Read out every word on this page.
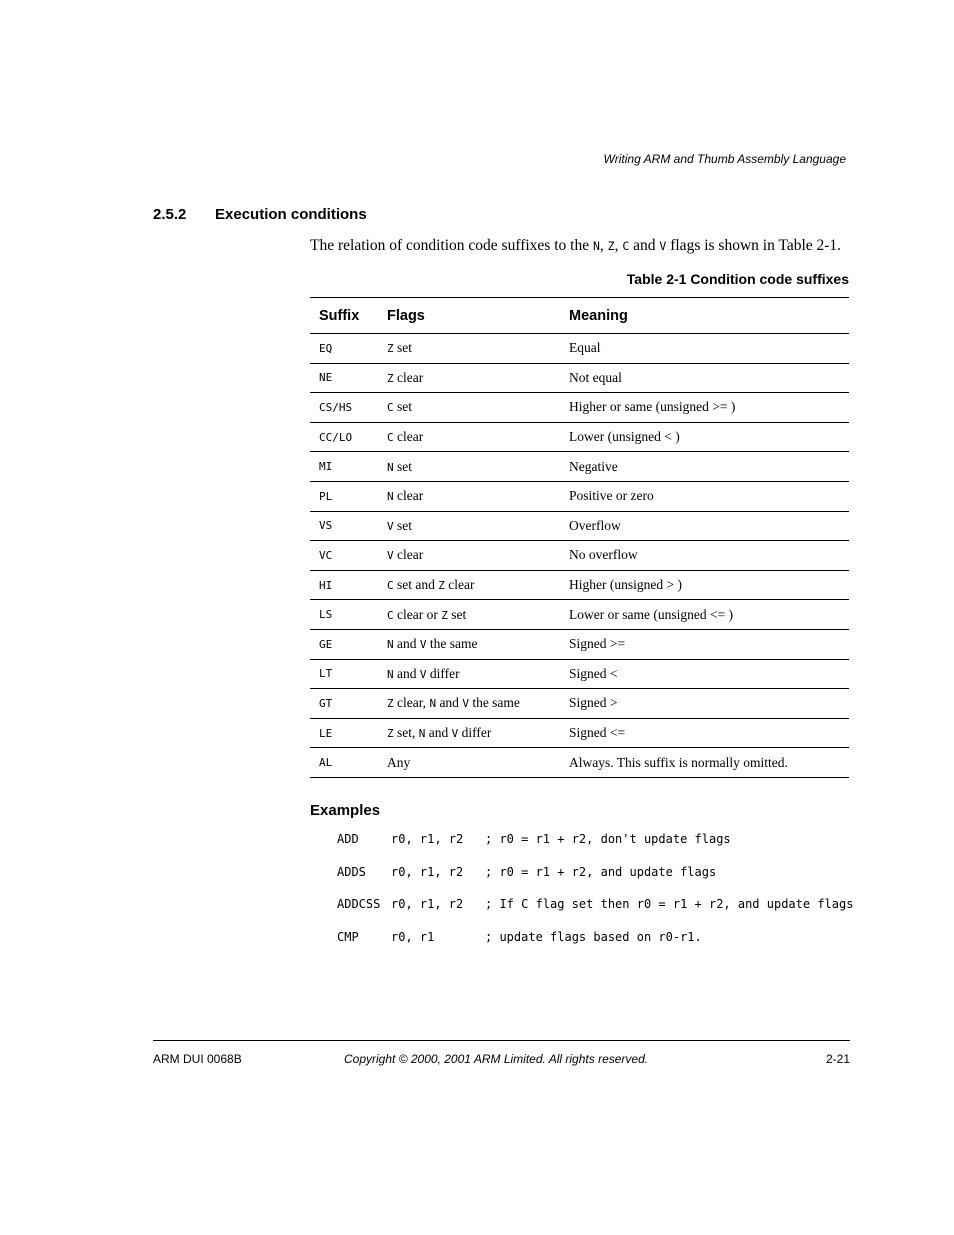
Writing ARM and Thumb Assembly Language
2.5.2 Execution conditions
The relation of condition code suffixes to the N, Z, C and V flags is shown in Table 2-1.
Table 2-1 Condition code suffixes
Suffix	Flags	Meaning
EQ	Z set	Equal
NE	Z clear	Not equal
CS/HS	C set	Higher or same (unsigned >= )
CC/LO	C clear	Lower (unsigned < )
MI	N set	Negative
PL	N clear	Positive or zero
VS	V set	Overflow
VC	V clear	No overflow
HI	C set and Z clear	Higher (unsigned > )
LS	C clear or Z set	Lower or same (unsigned <= )
GE	N and V the same	Signed >=
LT	N and V differ	Signed <
GT	Z clear, N and V the same	Signed >
LE	Z set, N and V differ	Signed <=
AL	Any	Always. This suffix is normally omitted.
Examples
ADD	r0, r1, r2 ; r0 = r1 + r2, don't update flags
ADDS r0, r1, r2 ; r0 = r1 + r2, and update flags
ADDCSS r0, r1, r2 ; If C flag set then r0 = r1 + r2, and update flags
CMP	r0, r1	; update flags based on r0-r1.
ARM DUI 0068B	Copyright © 2000, 2001 ARM Limited. All rights reserved.	2-21
